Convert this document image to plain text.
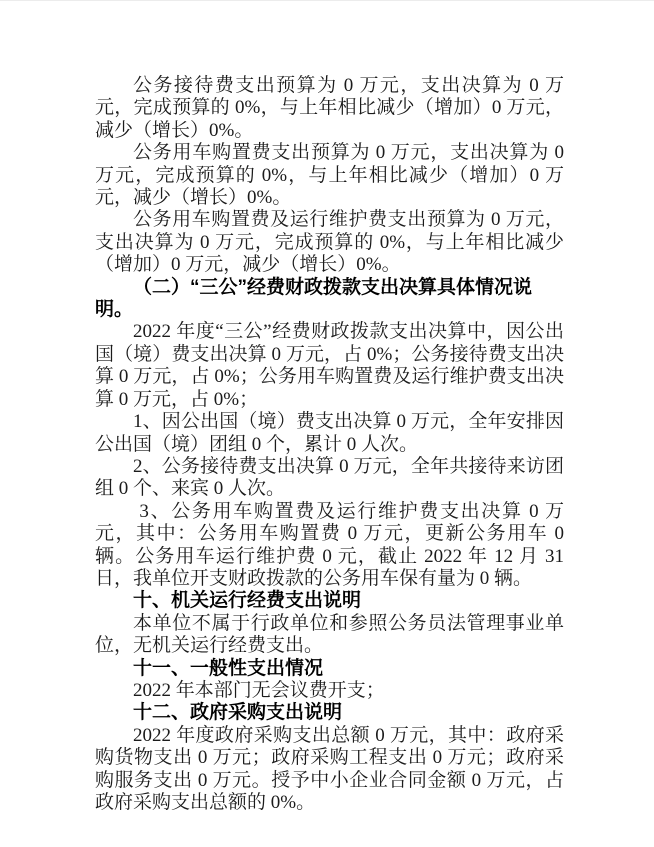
公务接待费支出预算为 0 万元，支出决算为 0 万元，完成预算的 0%，与上年相比减少（增加）0 万元，减少（增长）0%。

公务用车购置费支出预算为 0 万元，支出决算为 0 万元，完成预算的 0%，与上年相比减少（增加）0 万元，减少（增长）0%。

公务用车购置费及运行维护费支出预算为 0 万元，支出决算为 0 万元，完成预算的 0%，与上年相比减少（增加）0 万元，减少（增长）0%。

（二）“三公”经费财政拨款支出决算具体情况说明。

2022 年度“三公”经费财政拨款支出决算中，因公出国（境）费支出决算 0 万元，占 0%；公务接待费支出决算 0 万元，占 0%；公务用车购置费及运行维护费支出决算 0 万元，占 0%；

1、因公出国（境）费支出决算 0 万元，全年安排因公出国（境）团组 0 个，累计 0 人次。

2、公务接待费支出决算 0 万元，全年共接待来访团组 0 个、来宾 0 人次。

3、公务用车购置费及运行维护费支出决算 0 万元，其中：公务用车购置费 0 万元，更新公务用车 0 辆。公务用车运行维护费 0 元，截止 2022 年 12 月 31 日，我单位开支财政拨款的公务用车保有量为 0 辆。

十、机关运行经费支出说明

本单位不属于行政单位和参照公务员法管理事业单位，无机关运行经费支出。

十一、一般性支出情况

2022 年本部门无会议费开支；

十二、政府采购支出说明

2022 年度政府采购支出总额 0 万元，其中：政府采购货物支出 0 万元；政府采购工程支出 0 万元；政府采购服务支出 0 万元。授予中小企业合同金额 0 万元，占政府采购支出总额的 0%。
